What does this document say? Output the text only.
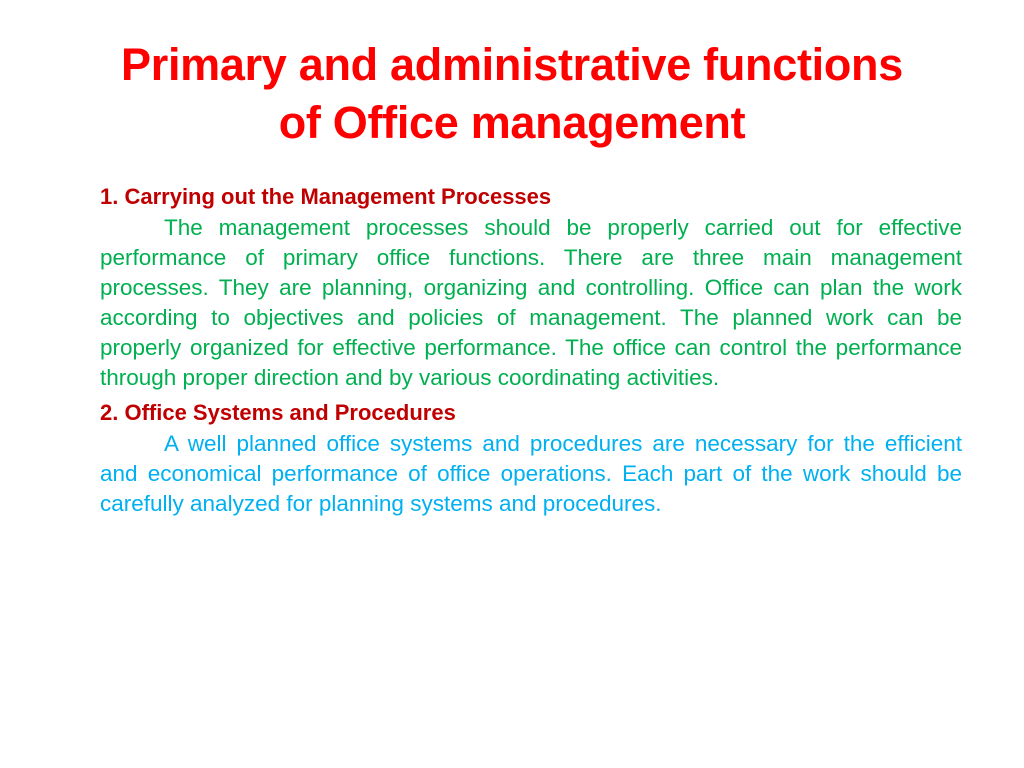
Primary and administrative functions
of Office management

1. Carrying out the Management Processes

The management processes should be properly carried out for effective performance of primary office functions. There are three main management processes. They are planning, organizing and controlling. Office can plan the work according to objectives and policies of management. The planned work can be properly organized for effective performance. The office can control the performance through proper direction and by various coordinating activities.

2. Office Systems and Procedures

A well planned office systems and procedures are necessary for the efficient and economical performance of office operations. Each part of the work should be carefully analyzed for planning systems and procedures.
